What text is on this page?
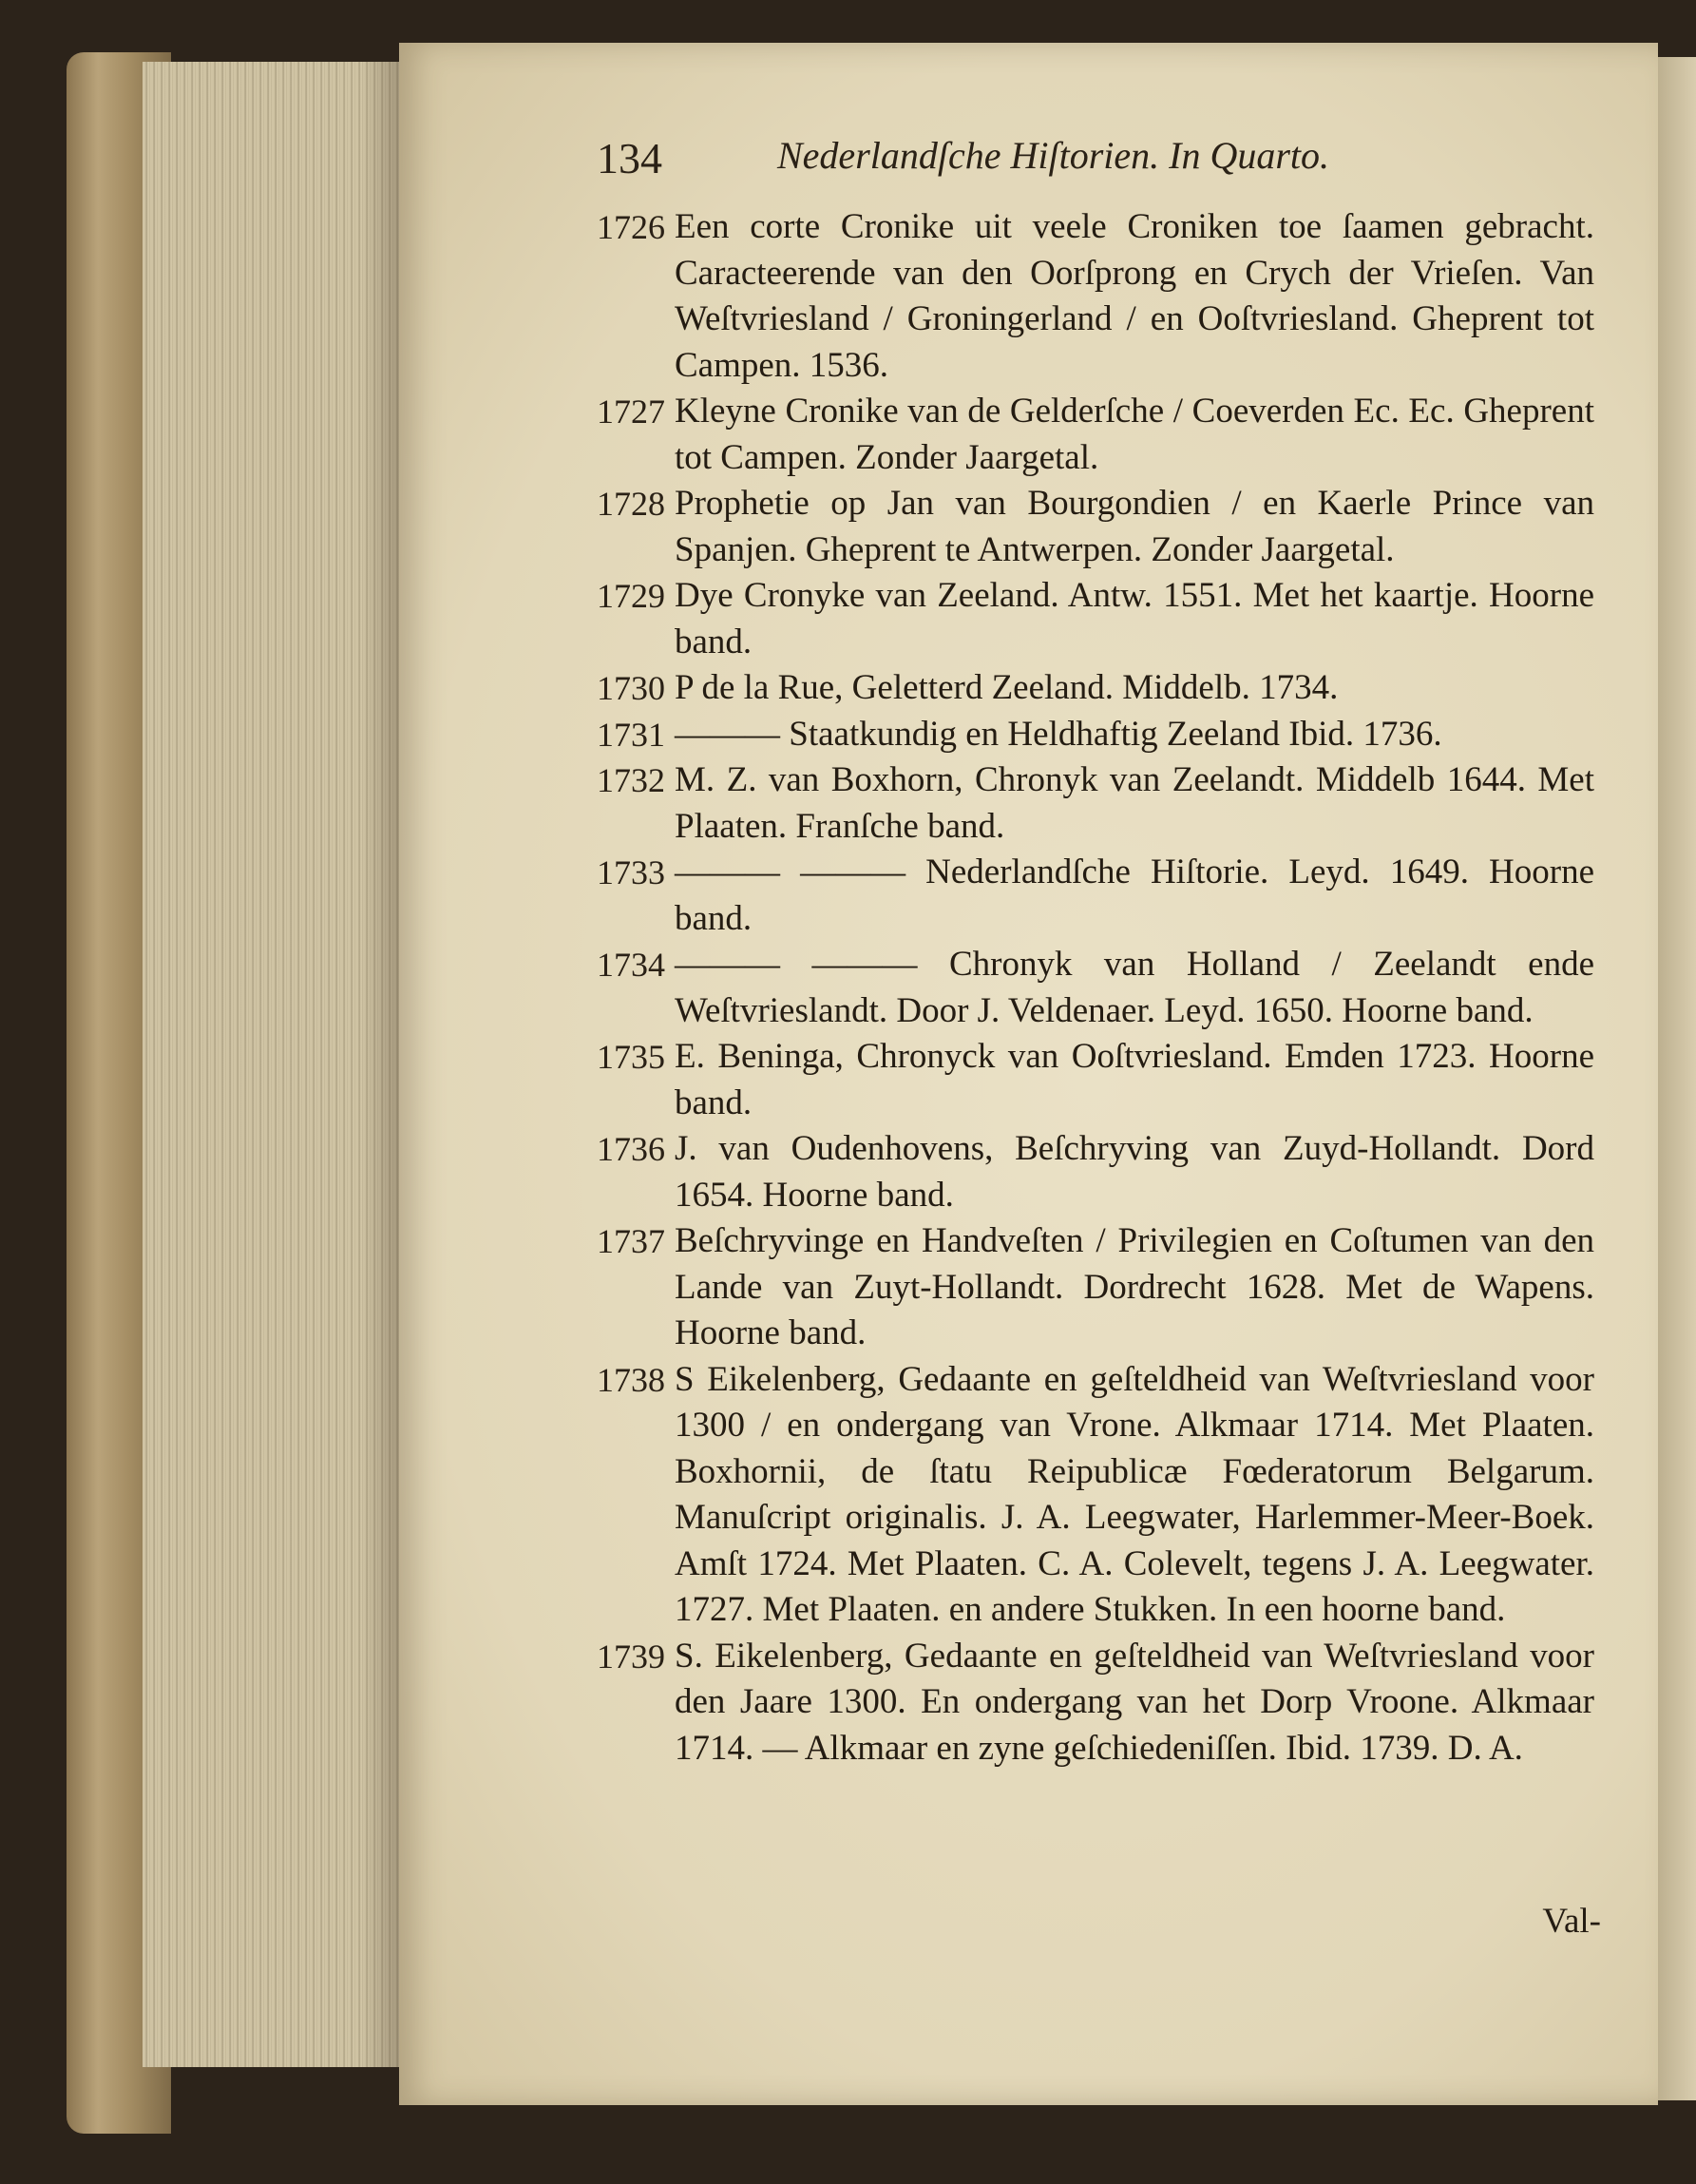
134	Nederlandſche Hiſtorien. In Quarto.
1726 Een corte Cronike uit veele Croniken toe ſaamen gebracht. Caracteerende van den Oorſprong en Crych der Vrieſen. Van Weſtvriesland / Groningerland / en Ooſtvriesland. Gheprent tot Campen. 1536.
1727 Kleyne Cronike van de Gelderſche / Coeverden Ec. Ec. Gheprent tot Campen. Zonder Jaargetal.
1728 Prophetie op Jan van Bourgondien / en Kaerle Prince van Spanjen. Gheprent te Antwerpen. Zonder Jaargetal.
1729 Dye Cronyke van Zeeland. Antw. 1551. Met het kaartje. Hoorne band.
1730 P de la Rue, Geletterd Zeeland. Middelb. 1734.
1731 ——— Staatkundig en Heldhaftig Zeeland Ibid. 1736.
1732 M. Z. van Boxhorn, Chronyk van Zeelandt. Middelb 1644. Met Plaaten. Franſche band.
1733 ——— ——— Nederlandſche Hiſtorie. Leyd. 1649. Hoorne band.
1734 ——— ——— Chronyk van Holland / Zeelandt ende Weſtvrieslandt. Door J. Veldenaer. Leyd. 1650. Hoorne band.
1735 E. Beninga, Chronyck van Ooſtvriesland. Emden 1723. Hoorne band.
1736 J. van Oudenhovens, Beſchryving van Zuyd-Hollandt. Dord 1654. Hoorne band.
1737 Beſchryvinge en Handveſten / Privilegien en Coſtumen van den Lande van Zuyt-Hollandt. Dordrecht 1628. Met de Wapens. Hoorne band.
1738 S Eikelenberg, Gedaante en geſteldheid van Weſtvriesland voor 1300 / en ondergang van Vrone. Alkmaar 1714. Met Plaaten. Boxhornii, de ſtatu Reipublicæ Fœderatorum Belgarum. Manuſcript originalis. J. A. Leegwater, Harlemmer-Meer-Boek. Amſt 1724. Met Plaaten. C. A. Colevelt, tegens J. A. Leegwater. 1727. Met Plaaten. en andere Stukken. In een hoorne band.
1739 S. Eikelenberg, Gedaante en geſteldheid van Weſtvriesland voor den Jaare 1300. En ondergang van het Dorp Vroone. Alkmaar 1714. — Alkmaar en zyne geſchiedeniſſen. Ibid. 1739. D. A.
Val-
